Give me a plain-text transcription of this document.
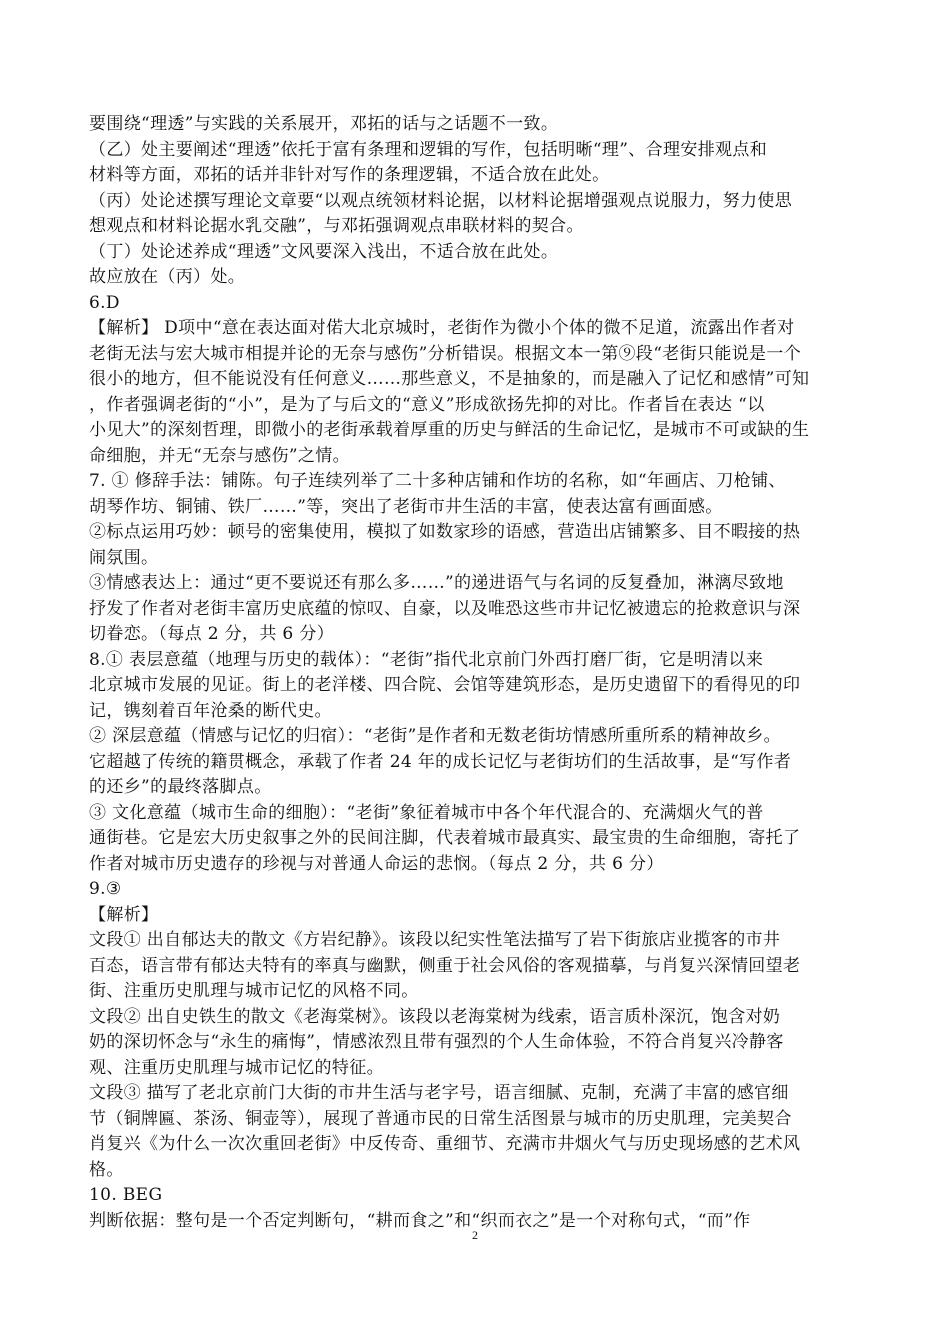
要围绕“理透”与实践的关系展开，邓拓的话与之话题不一致。
（乙）处主要阐述“理透”依托于富有条理和逻辑的写作，包括明晰“理”、合理安排观点和
材料等方面，邓拓的话并非针对写作的条理逻辑，不适合放在此处。
（丙）处论述撰写理论文章要“以观点统领材料论据，以材料论据增强观点说服力，努力使思
想观点和材料论据水乳交融”，与邓拓强调观点串联材料的契合。
（丁）处论述养成“理透”文风要深入浅出，不适合放在此处。
故应放在（丙）处。
6.D
【解析】 D项中“意在表达面对偌大北京城时，老街作为微小个体的微不足道，流露出作者对
老街无法与宏大城市相提并论的无奈与感伤”分析错误。根据文本一第⑨段“老街只能说是一个
很小的地方，但不能说没有任何意义……那些意义，不是抽象的，而是融入了记忆和感情”可知
，作者强调老街的“小”，是为了与后文的“意义”形成欲扬先抑的对比。作者旨在表达 “以
小见大”的深刻哲理，即微小的老街承载着厚重的历史与鲜活的生命记忆，是城市不可或缺的生
命细胞，并无“无奈与感伤”之情。
7. ① 修辞手法：铺陈。句子连续列举了二十多种店铺和作坊的名称，如“年画店、刀枪铺、
胡琴作坊、铜铺、铁厂……”等，突出了老街市井生活的丰富，使表达富有画面感。
②标点运用巧妙：顿号的密集使用，模拟了如数家珍的语感，营造出店铺繁多、目不暇接的热
闹氛围。
③情感表达上：通过“更不要说还有那么多……”的递进语气与名词的反复叠加，淋漓尽致地
抒发了作者对老街丰富历史底蕴的惊叹、自豪，以及唯恐这些市井记忆被遗忘的抢救意识与深
切眷恋。（每点 2 分，共 6 分）
8.① 表层意蕴（地理与历史的载体）：“老街”指代北京前门外西打磨厂街，它是明清以来
北京城市发展的见证。街上的老洋楼、四合院、会馆等建筑形态，是历史遗留下的看得见的印
记，镌刻着百年沧桑的断代史。
② 深层意蕴（情感与记忆的归宿）：“老街”是作者和无数老街坊情感所重所系的精神故乡。
它超越了传统的籍贯概念，承载了作者 24 年的成长记忆与老街坊们的生活故事，是“写作者
的还乡”的最终落脚点。
③ 文化意蕴（城市生命的细胞）：“老街”象征着城市中各个年代混合的、充满烟火气的普
通街巷。它是宏大历史叙事之外的民间注脚，代表着城市最真实、最宝贵的生命细胞，寄托了
作者对城市历史遗存的珍视与对普通人命运的悲悯。（每点 2 分，共 6 分）
9.③
【解析】
文段① 出自郁达夫的散文《方岩纪静》。该段以纪实性笔法描写了岩下街旅店业揽客的市井
百态，语言带有郁达夫特有的率真与幽默，侧重于社会风俗的客观描摹，与肖复兴深情回望老
街、注重历史肌理与城市记忆的风格不同。
文段② 出自史铁生的散文《老海棠树》。该段以老海棠树为线索，语言质朴深沉，饱含对奶
奶的深切怀念与“永生的痛悔”，情感浓烈且带有强烈的个人生命体验，不符合肖复兴冷静客
观、注重历史肌理与城市记忆的特征。
文段③ 描写了老北京前门大街的市井生活与老字号，语言细腻、克制，充满了丰富的感官细
节（铜牌匾、茶汤、铜壶等），展现了普通市民的日常生活图景与城市的历史肌理，完美契合
肖复兴《为什么一次次重回老街》中反传奇、重细节、充满市井烟火气与历史现场感的艺术风
格。
10. BEG
判断依据：整句是一个否定判断句，“耕而食之”和“织而衣之”是一个对称句式，“而”作
2
